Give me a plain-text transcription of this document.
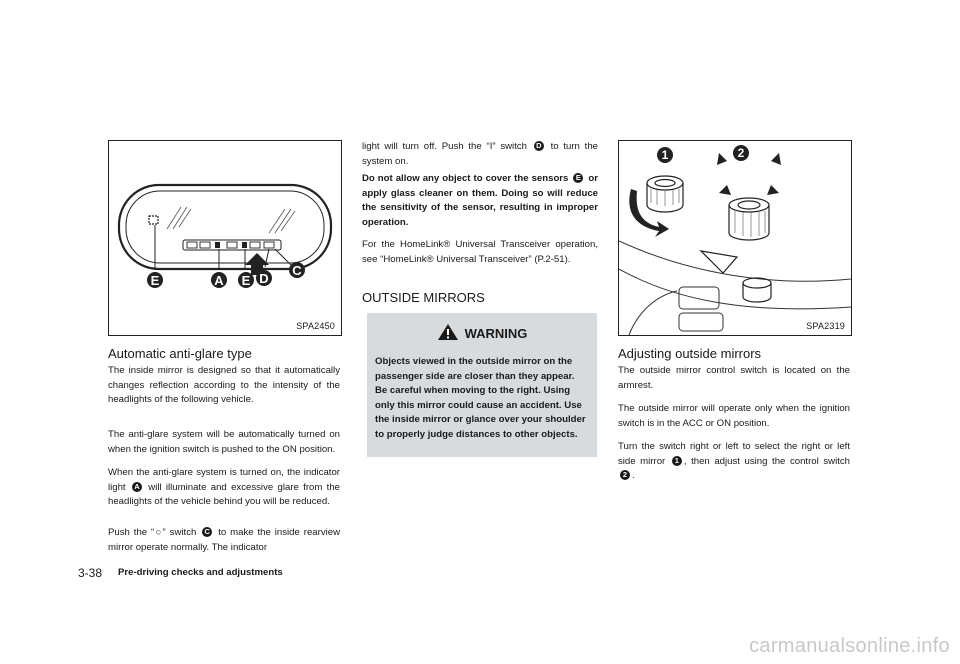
E	A E D
C
SPA2450
Automatic anti-glare type

The inside mirror is designed so that it automatically changes reflection according to the intensity of the headlights of the following vehicle.

The anti-glare system will be automatically turned on when the ignition switch is pushed to the ON position.

When the anti-glare system is turned on, the indicator light A will illuminate and excessive glare from the headlights of the vehicle behind you will be reduced.

Push the “○” switch C to make the inside rearview mirror operate normally. The indicator

light will turn off. Push the “I” switch D to turn the system on.

Do not allow any object to cover the sensors E or apply glass cleaner on them. Doing so will reduce the sensitivity of the sensor, resulting in improper operation.

For the HomeLink® Universal Transceiver operation, see “HomeLink® Universal Transceiver” (P.2-51).

OUTSIDE MIRRORS
WARNING
Objects viewed in the outside mirror on the passenger side are closer than they appear. Be careful when moving to the right. Using only this mirror could cause an accident. Use the inside mirror or glance over your shoulder to properly judge distances to other objects.
1	2
SPA2319
Adjusting outside mirrors

The outside mirror control switch is located on the armrest.

The outside mirror will operate only when the ignition switch is in the ACC or ON position.

Turn the switch right or left to select the right or left side mirror 1 , then adjust using the control switch 2 .

3-38 Pre-driving checks and adjustments
carmanualsonline.info
